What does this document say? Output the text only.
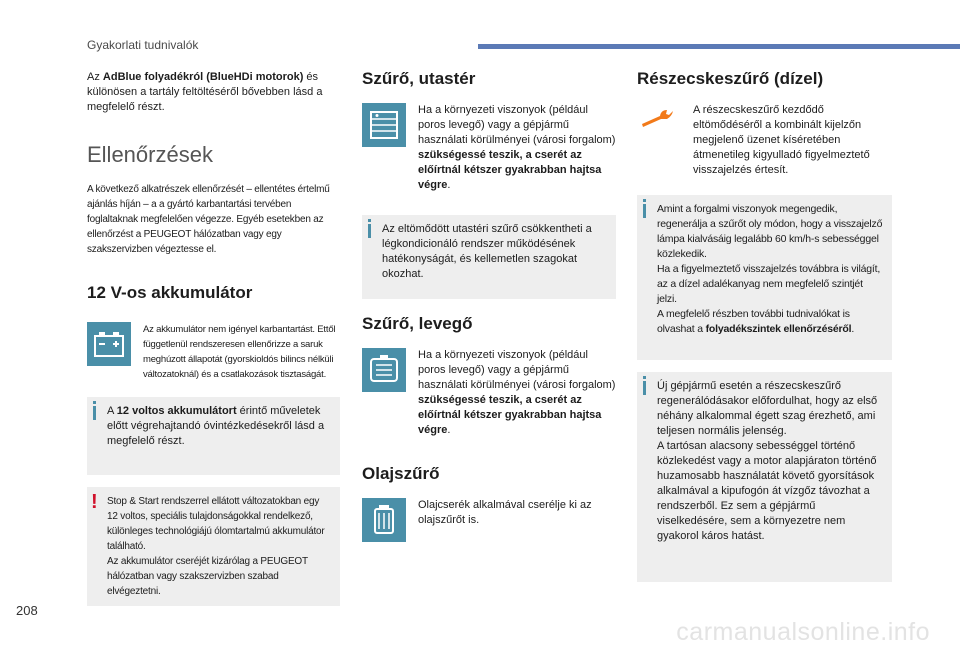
Gyakorlati tudnivalók

Az AdBlue folyadékról (BlueHDi motorok) és különösen a tartály feltöltéséről bővebben lásd a megfelelő részt.

Ellenőrzések

A következő alkatrészek ellenőrzését – ellentétes értelmű ajánlás híján – a a gyártó karbantartási tervében foglaltaknak megfelelően végezze. Egyéb esetekben az ellenőrzést a PEUGEOT hálózatban vagy egy szakszervizben végeztesse el.

12 V-os akkumulátor

Az akkumulátor nem igényel karbantartást. Ettől függetlenül rendszeresen ellenőrizze a saruk meghúzott állapotát (gyorskioldós bilincs nélküli változatoknál) és a csatlakozások tisztaságát.

A 12 voltos akkumulátort érintő műveletek előtt végrehajtandó óvintézkedésekről lásd a megfelelő részt.

! Stop & Start rendszerrel ellátott változatokban egy 12 voltos, speciális tulajdonságokkal rendelkező, különleges technológiájú ólomtartalmú akkumulátor található.
Az akkumulátor cseréjét kizárólag a PEUGEOT hálózatban vagy szakszervizben szabad elvégeztetni.

Szűrő, utastér

Ha a környezeti viszonyok (például poros levegő) vagy a gépjármű használati körülményei (városi forgalom) szükségessé teszik, a cserét az előírtnál kétszer gyakrabban hajtsa végre.

Az eltömődött utastéri szűrő csökkentheti a légkondicionáló rendszer működésének hatékonyságát, és kellemetlen szagokat okozhat.

Szűrő, levegő

Ha a környezeti viszonyok (például poros levegő) vagy a gépjármű használati körülményei (városi forgalom) szükségessé teszik, a cserét az előírtnál kétszer gyakrabban hajtsa végre.

Olajszűrő

Olajcserék alkalmával cserélje ki az olajszűrőt is.

Részecskeszűrő (dízel)

A részecskeszűrő kezdődő eltömődéséről a kombinált kijelzőn megjelenő üzenet kíséretében átmenetileg kigyulladó figyelmeztető visszajelzés értesít.

Amint a forgalmi viszonyok megengedik, regenerálja a szűrőt oly módon, hogy a visszajelző lámpa kialvásáig legalább 60 km/h-s sebességgel közlekedik.
Ha a figyelmeztető visszajelzés továbbra is világít, az a dízel adalékanyag nem megfelelő szintjét jelzi.
A megfelelő részben további tudnivalókat is olvashat a folyadékszintek ellenőrzéséről.

Új gépjármű esetén a részecskeszűrő regenerálódásakor előfordulhat, hogy az első néhány alkalommal égett szag érezhető, ami teljesen normális jelenség.
A tartósan alacsony sebességgel történő közlekedést vagy a motor alapjáraton történő huzamosabb használatát követő gyorsítások alkalmával a kipufogón át vízgőz távozhat a rendszerből. Ez sem a gépjármű viselkedésére, sem a környezetre nem gyakorol káros hatást.

208
carmanualsonline.info
